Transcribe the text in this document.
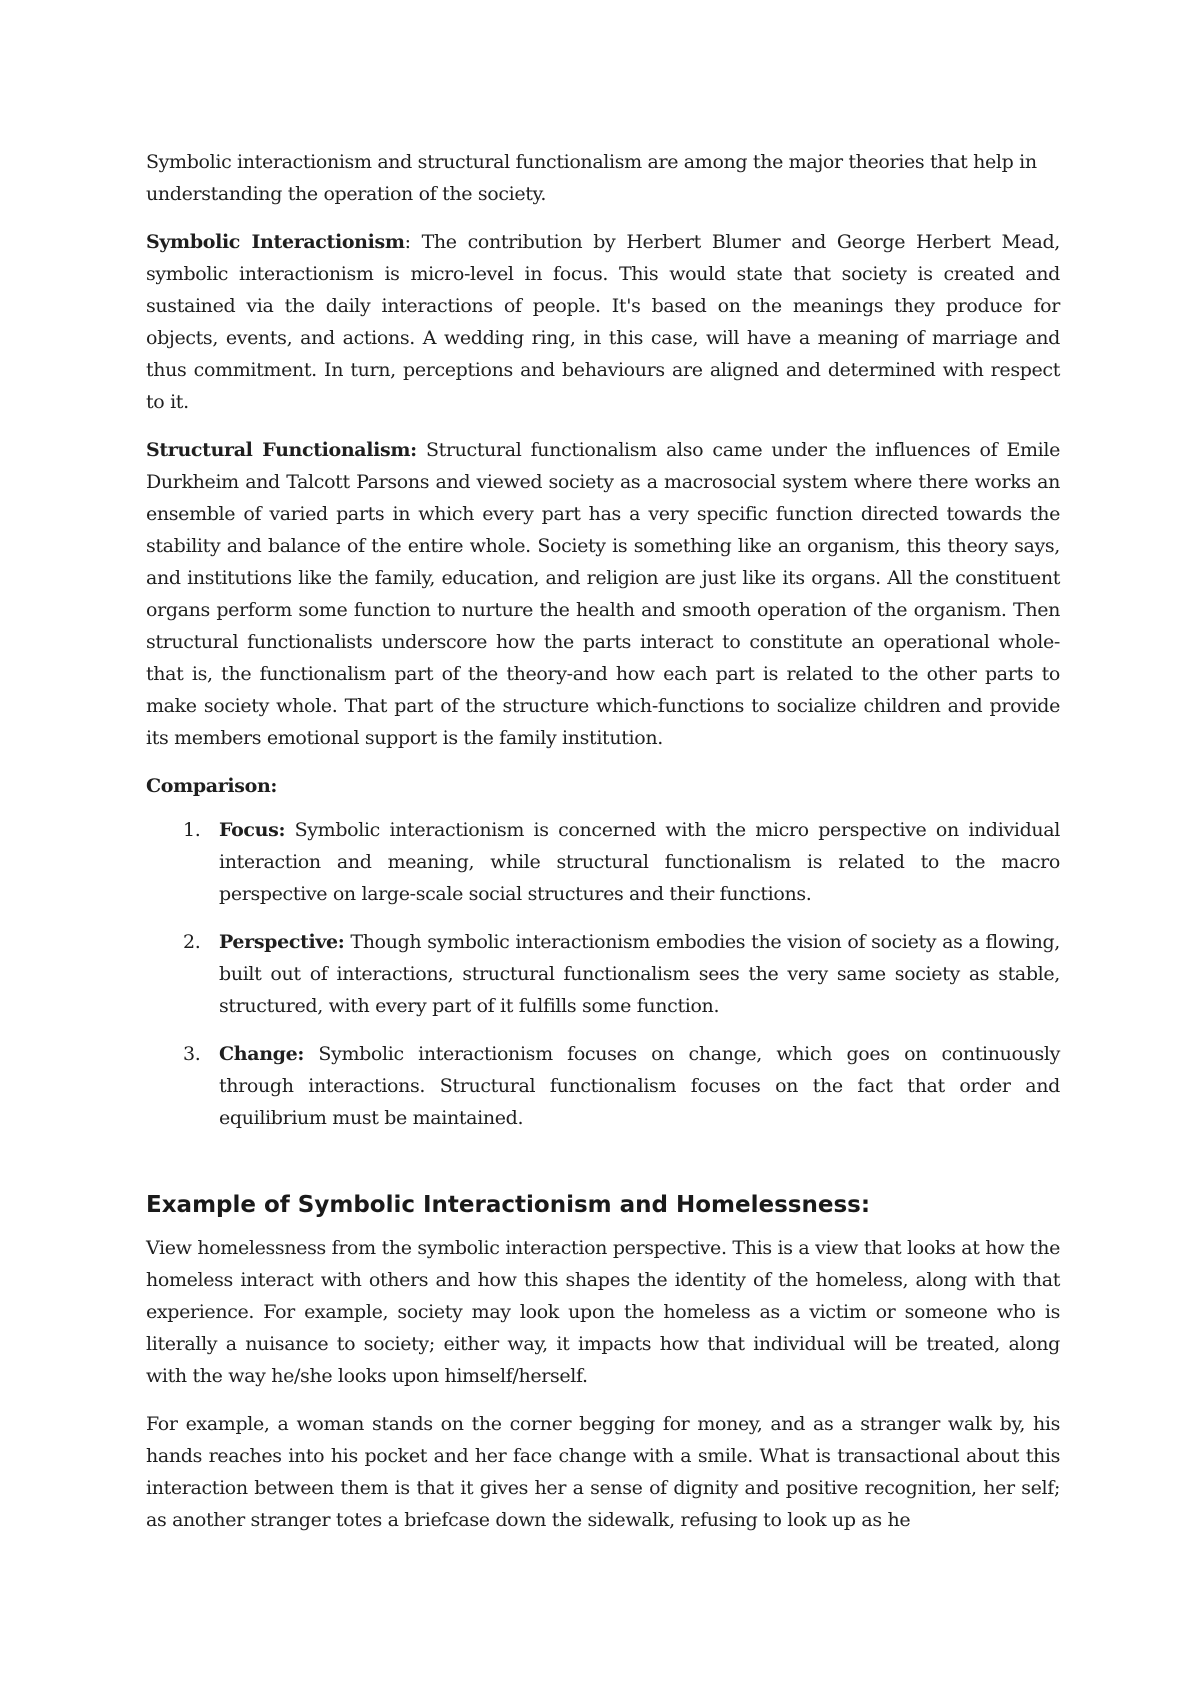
Symbolic interactionism and structural functionalism are among the major theories that help in understanding the operation of the society.

Symbolic Interactionism: The contribution by Herbert Blumer and George Herbert Mead, symbolic interactionism is micro-level in focus. This would state that society is created and sustained via the daily interactions of people. It's based on the meanings they produce for objects, events, and actions. A wedding ring, in this case, will have a meaning of marriage and thus commitment. In turn, perceptions and behaviours are aligned and determined with respect to it.

Structural Functionalism: Structural functionalism also came under the influences of Emile Durkheim and Talcott Parsons and viewed society as a macrosocial system where there works an ensemble of varied parts in which every part has a very specific function directed towards the stability and balance of the entire whole. Society is something like an organism, this theory says, and institutions like the family, education, and religion are just like its organs. All the constituent organs perform some function to nurture the health and smooth operation of the organism. Then structural functionalists underscore how the parts interact to constitute an operational whole-that is, the functionalism part of the theory-and how each part is related to the other parts to make society whole. That part of the structure which-functions to socialize children and provide its members emotional support is the family institution.

Comparison:

1. Focus: Symbolic interactionism is concerned with the micro perspective on individual interaction and meaning, while structural functionalism is related to the macro perspective on large-scale social structures and their functions.
2. Perspective: Though symbolic interactionism embodies the vision of society as a flowing, built out of interactions, structural functionalism sees the very same society as stable, structured, with every part of it fulfills some function.
3. Change: Symbolic interactionism focuses on change, which goes on continuously through interactions. Structural functionalism focuses on the fact that order and equilibrium must be maintained.
Example of Symbolic Interactionism and Homelessness:

View homelessness from the symbolic interaction perspective. This is a view that looks at how the homeless interact with others and how this shapes the identity of the homeless, along with that experience. For example, society may look upon the homeless as a victim or someone who is literally a nuisance to society; either way, it impacts how that individual will be treated, along with the way he/she looks upon himself/herself.

For example, a woman stands on the corner begging for money, and as a stranger walk by, his hands reaches into his pocket and her face change with a smile. What is transactional about this interaction between them is that it gives her a sense of dignity and positive recognition, her self; as another stranger totes a briefcase down the sidewalk, refusing to look up as he
